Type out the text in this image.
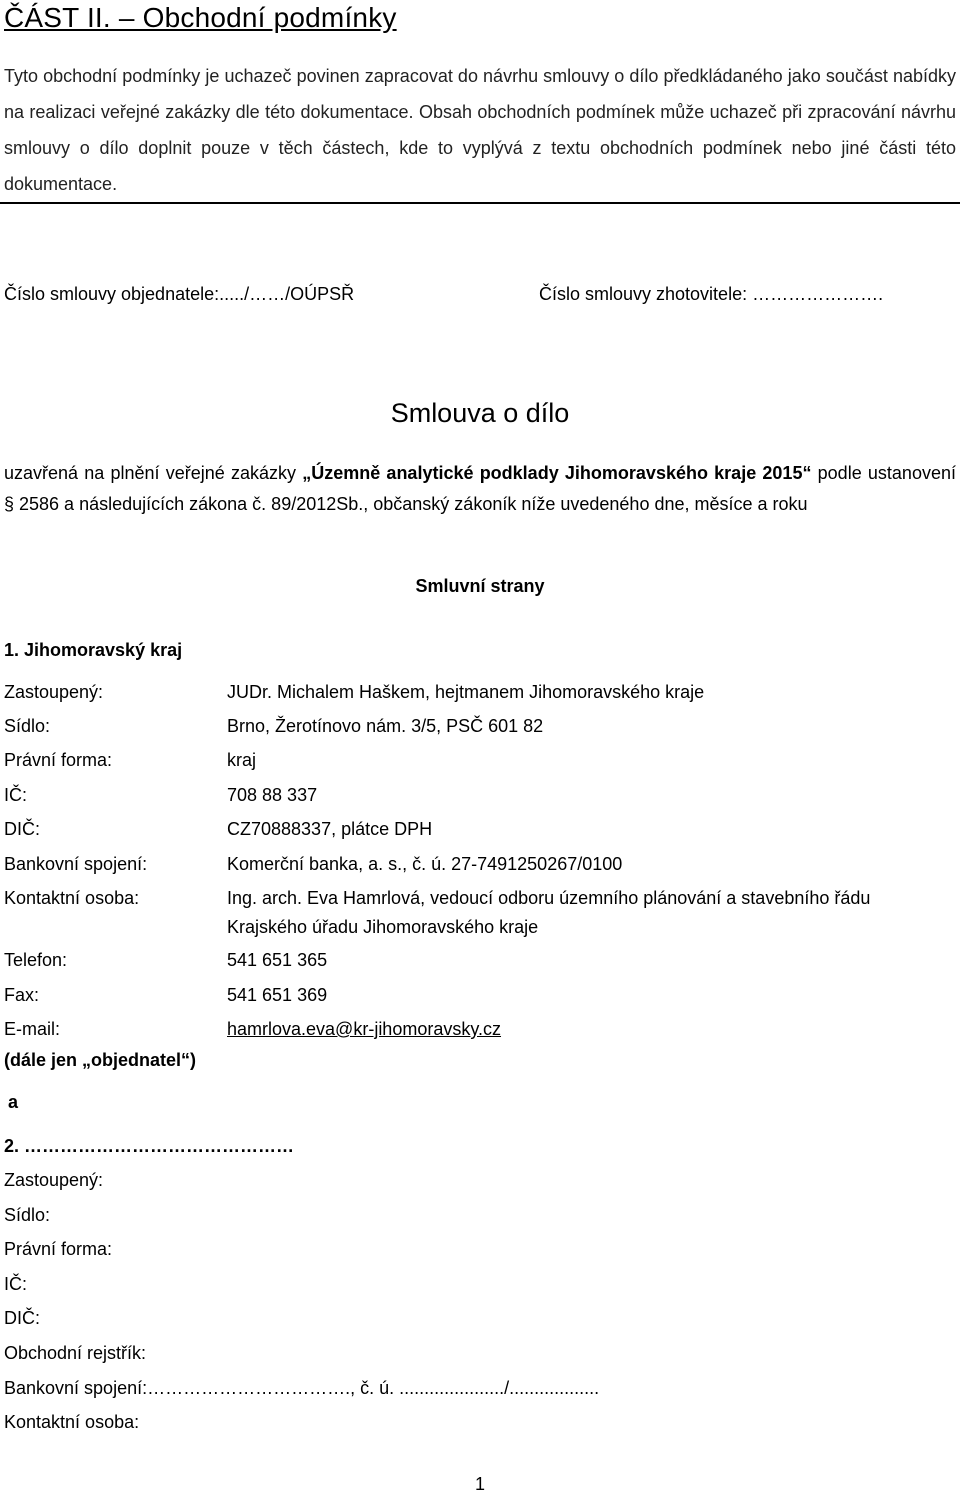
ČÁST II. – Obchodní podmínky

Tyto obchodní podmínky je uchazeč povinen zapracovat do návrhu smlouvy o dílo předkládaného jako součást nabídky na realizaci veřejné zakázky dle této dokumentace. Obsah obchodních podmínek může uchazeč při zpracování návrhu smlouvy o dílo doplnit pouze v těch částech, kde to vyplývá z textu obchodních podmínek nebo jiné části této dokumentace.

Číslo smlouvy objednatele:...../……/OÚPSŘ	Číslo smlouvy zhotovitele: ………………….
Smlouva o dílo

uzavřená na plnění veřejné zakázky „Územně analytické podklady Jihomoravského kraje 2015“ podle ustanovení § 2586 a následujících zákona č. 89/2012Sb., občanský zákoník níže uvedeného dne, měsíce a roku

Smluvní strany
1. Jihomoravský kraj
Zastoupený:	JUDr. Michalem Haškem, hejtmanem Jihomoravského kraje
Sídlo:	Brno, Žerotínovo nám. 3/5, PSČ 601 82
Právní forma:	kraj
IČ:	708 88 337
DIČ:	CZ70888337, plátce DPH
Bankovní spojení:	Komerční banka, a. s., č. ú. 27-7491250267/0100
Kontaktní osoba:	Ing. arch. Eva Hamrlová, vedoucí odboru územního plánování a stavebního řádu Krajského úřadu Jihomoravského kraje
Telefon:	541 651 365
Fax:	541 651 369
E-mail:	hamrlova.eva@kr-jihomoravsky.cz
(dále jen „objednatel“)
a
2. ………………………………………
Zastoupený:
Sídlo:
Právní forma:
IČ:
DIČ:
Obchodní rejstřík:
Bankovní spojení:……………………………., č. ú. ...................../..................
Kontaktní osoba:
1
